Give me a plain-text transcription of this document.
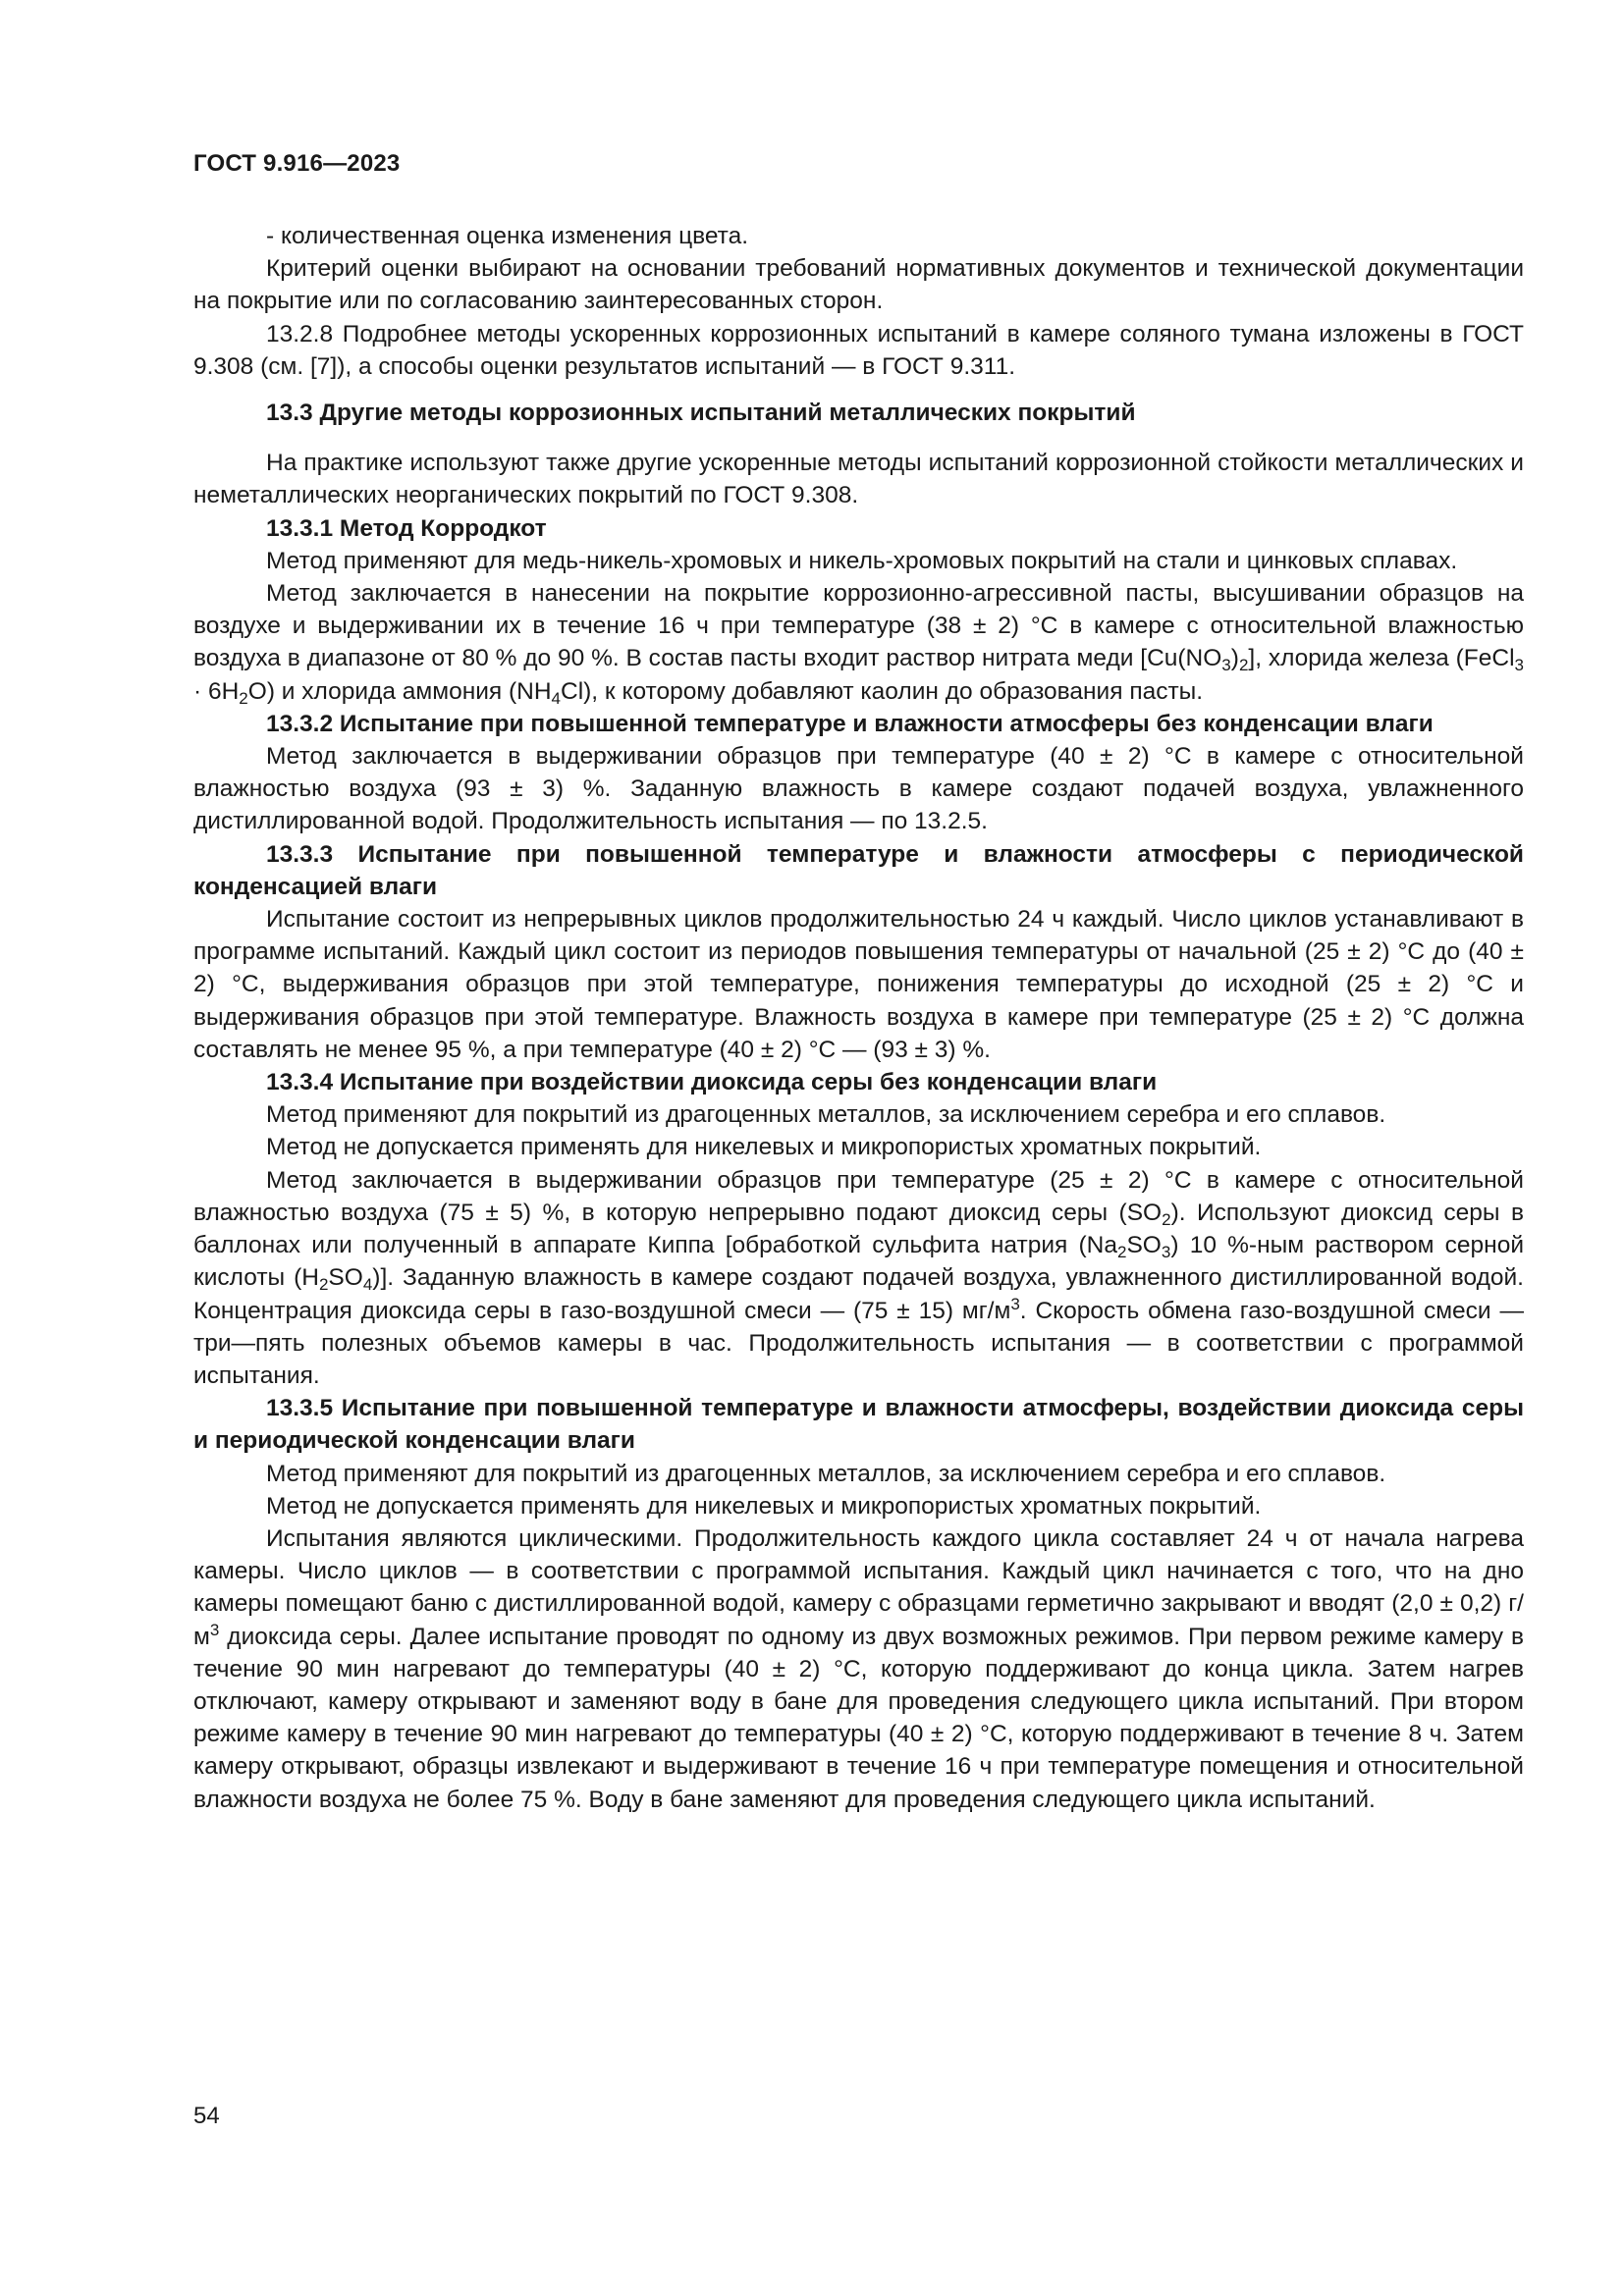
ГОСТ 9.916—2023

- количественная оценка изменения цвета.

Критерий оценки выбирают на основании требований нормативных документов и технической документации на покрытие или по согласованию заинтересованных сторон.

13.2.8 Подробнее методы ускоренных коррозионных испытаний в камере соляного тумана изложены в ГОСТ 9.308 (см. [7]), а способы оценки результатов испытаний — в ГОСТ 9.311.

13.3 Другие методы коррозионных испытаний металлических покрытий

На практике используют также другие ускоренные методы испытаний коррозионной стойкости металлических и неметаллических неорганических покрытий по ГОСТ 9.308.

13.3.1 Метод Корродкот

Метод применяют для медь-никель-хромовых и никель-хромовых покрытий на стали и цинковых сплавах.

Метод заключается в нанесении на покрытие коррозионно-агрессивной пасты, высушивании образцов на воздухе и выдерживании их в течение 16 ч при температуре (38 ± 2) °С в камере с относительной влажностью воздуха в диапазоне от 80 % до 90 %. В состав пасты входит раствор нитрата меди $[Cu(NO_3)_2]$, хлорида железа (FeCl$_3$ · $6H_2O$) и хлорида аммония $(NH_4Cl)$, к которому добавляют каолин до образования пасты.

13.3.2 Испытание при повышенной температуре и влажности атмосферы без конденсации влаги

Метод заключается в выдерживании образцов при температуре (40 ± 2) °С в камере с относительной влажностью воздуха (93 ± 3) %. Заданную влажность в камере создают подачей воздуха, увлажненного дистиллированной водой. Продолжительность испытания — по 13.2.5.

13.3.3 Испытание при повышенной температуре и влажности атмосферы с периодической конденсацией влаги

Испытание состоит из непрерывных циклов продолжительностью 24 ч каждый. Число циклов устанавливают в программе испытаний. Каждый цикл состоит из периодов повышения температуры от начальной (25 ± 2) °С до (40 ± 2) °С, выдерживания образцов при этой температуре, понижения температуры до исходной (25 ± 2) °С и выдерживания образцов при этой температуре. Влажность воздуха в камере при температуре (25 ± 2) °С должна составлять не менее 95 %, а при температуре (40 ± 2) °С — (93 ± 3) %.

13.3.4 Испытание при воздействии диоксида серы без конденсации влаги

Метод применяют для покрытий из драгоценных металлов, за исключением серебра и его сплавов.

Метод не допускается применять для никелевых и микропористых хроматных покрытий.

Метод заключается в выдерживании образцов при температуре (25 ± 2) °С в камере с относительной влажностью воздуха (75 ± 5) %, в которую непрерывно подают диоксид серы $(SO_2)$. Используют диоксид серы в баллонах или полученный в аппарате Киппа [обработкой сульфита натрия $(Na_2SO_3)$ 10 %-ным раствором серной кислоты $(H_2SO_4)$]. Заданную влажность в камере создают подачей воздуха, увлажненного дистиллированной водой. Концентрация диоксида серы в газо-воздушной смеси — (75 ± 15) $мг/м^3$. Скорость обмена газо-воздушной смеси — три—пять полезных объемов камеры в час. Продолжительность испытания — в соответствии с программой испытания.

13.3.5 Испытание при повышенной температуре и влажности атмосферы, воздействии диоксида серы и периодической конденсации влаги

Метод применяют для покрытий из драгоценных металлов, за исключением серебра и его сплавов.

Метод не допускается применять для никелевых и микропористых хроматных покрытий.

Испытания являются циклическими. Продолжительность каждого цикла составляет 24 ч от начала нагрева камеры. Число циклов — в соответствии с программой испытания. Каждый цикл начинается с того, что на дно камеры помещают баню с дистиллированной водой, камеру с образцами герметично закрывают и вводят (2,0 ± 0,2) $г/м^3$ диоксида серы. Далее испытание проводят по одному из двух возможных режимов. При первом режиме камеру в течение 90 мин нагревают до температуры (40 ± 2) °С, которую поддерживают до конца цикла. Затем нагрев отключают, камеру открывают и заменяют воду в бане для проведения следующего цикла испытаний. При втором режиме камеру в течение 90 мин нагревают до температуры (40 ± 2) °С, которую поддерживают в течение 8 ч. Затем камеру открывают, образцы извлекают и выдерживают в течение 16 ч при температуре помещения и относительной влажности воздуха не более 75 %. Воду в бане заменяют для проведения следующего цикла испытаний.

54
